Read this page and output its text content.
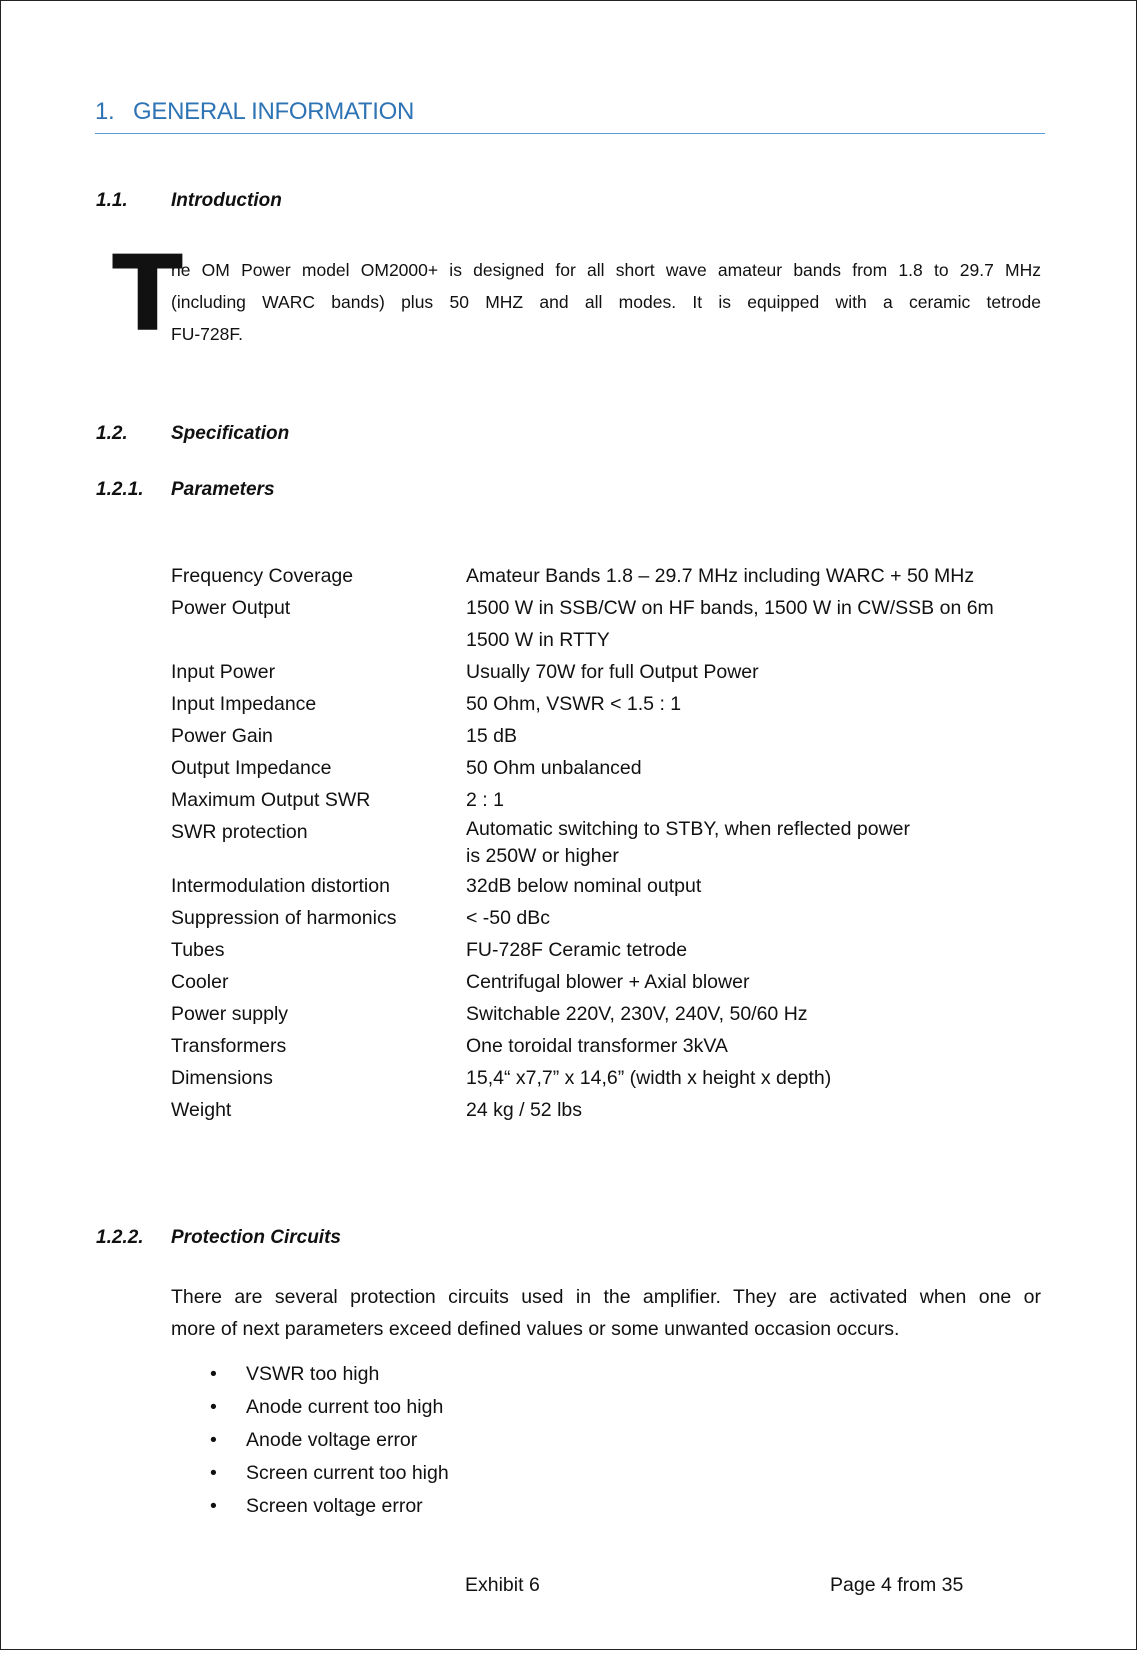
1. GENERAL INFORMATION
1.1. Introduction
T

he OM Power model OM2000+ is designed for all short wave amateur bands from 1.8 to 29.7 MHz

(including WARC bands) plus 50 MHZ and all modes. It is equipped with a ceramic tetrode

FU-728F.

1.2. Specification
1.2.1. Parameters
Frequency Coverage	Amateur Bands 1.8 – 29.7 MHz including WARC + 50 MHz
Power Output	1500 W in SSB/CW on HF bands, 1500 W in CW/SSB on 6m
1500 W in RTTY
Input Power	Usually 70W for full Output Power
Input Impedance	50 Ohm, VSWR < 1.5 : 1
Power Gain	15 dB
Output Impedance	50 Ohm unbalanced
Maximum Output SWR	2 : 1
SWR protection	Automatic switching to STBY, when reflected power
is 250W or higher
Intermodulation distortion	32dB below nominal output
Suppression of harmonics	< -50 dBc
Tubes	FU-728F Ceramic tetrode
Cooler	Centrifugal blower + Axial blower
Power supply	Switchable 220V, 230V, 240V, 50/60 Hz
Transformers	One toroidal transformer 3kVA
Dimensions	15,4“ x7,7” x 14,6” (width x height x depth)
Weight	24 kg / 52 lbs
1.2.2. Protection Circuits

There are several protection circuits used in the amplifier. They are activated when one or

more of next parameters exceed defined values or some unwanted occasion occurs.

•	VSWR too high
•	Anode current too high
•	Anode voltage error
•	Screen current too high
•	Screen voltage error
Exhibit 6	Page 4 from 35
